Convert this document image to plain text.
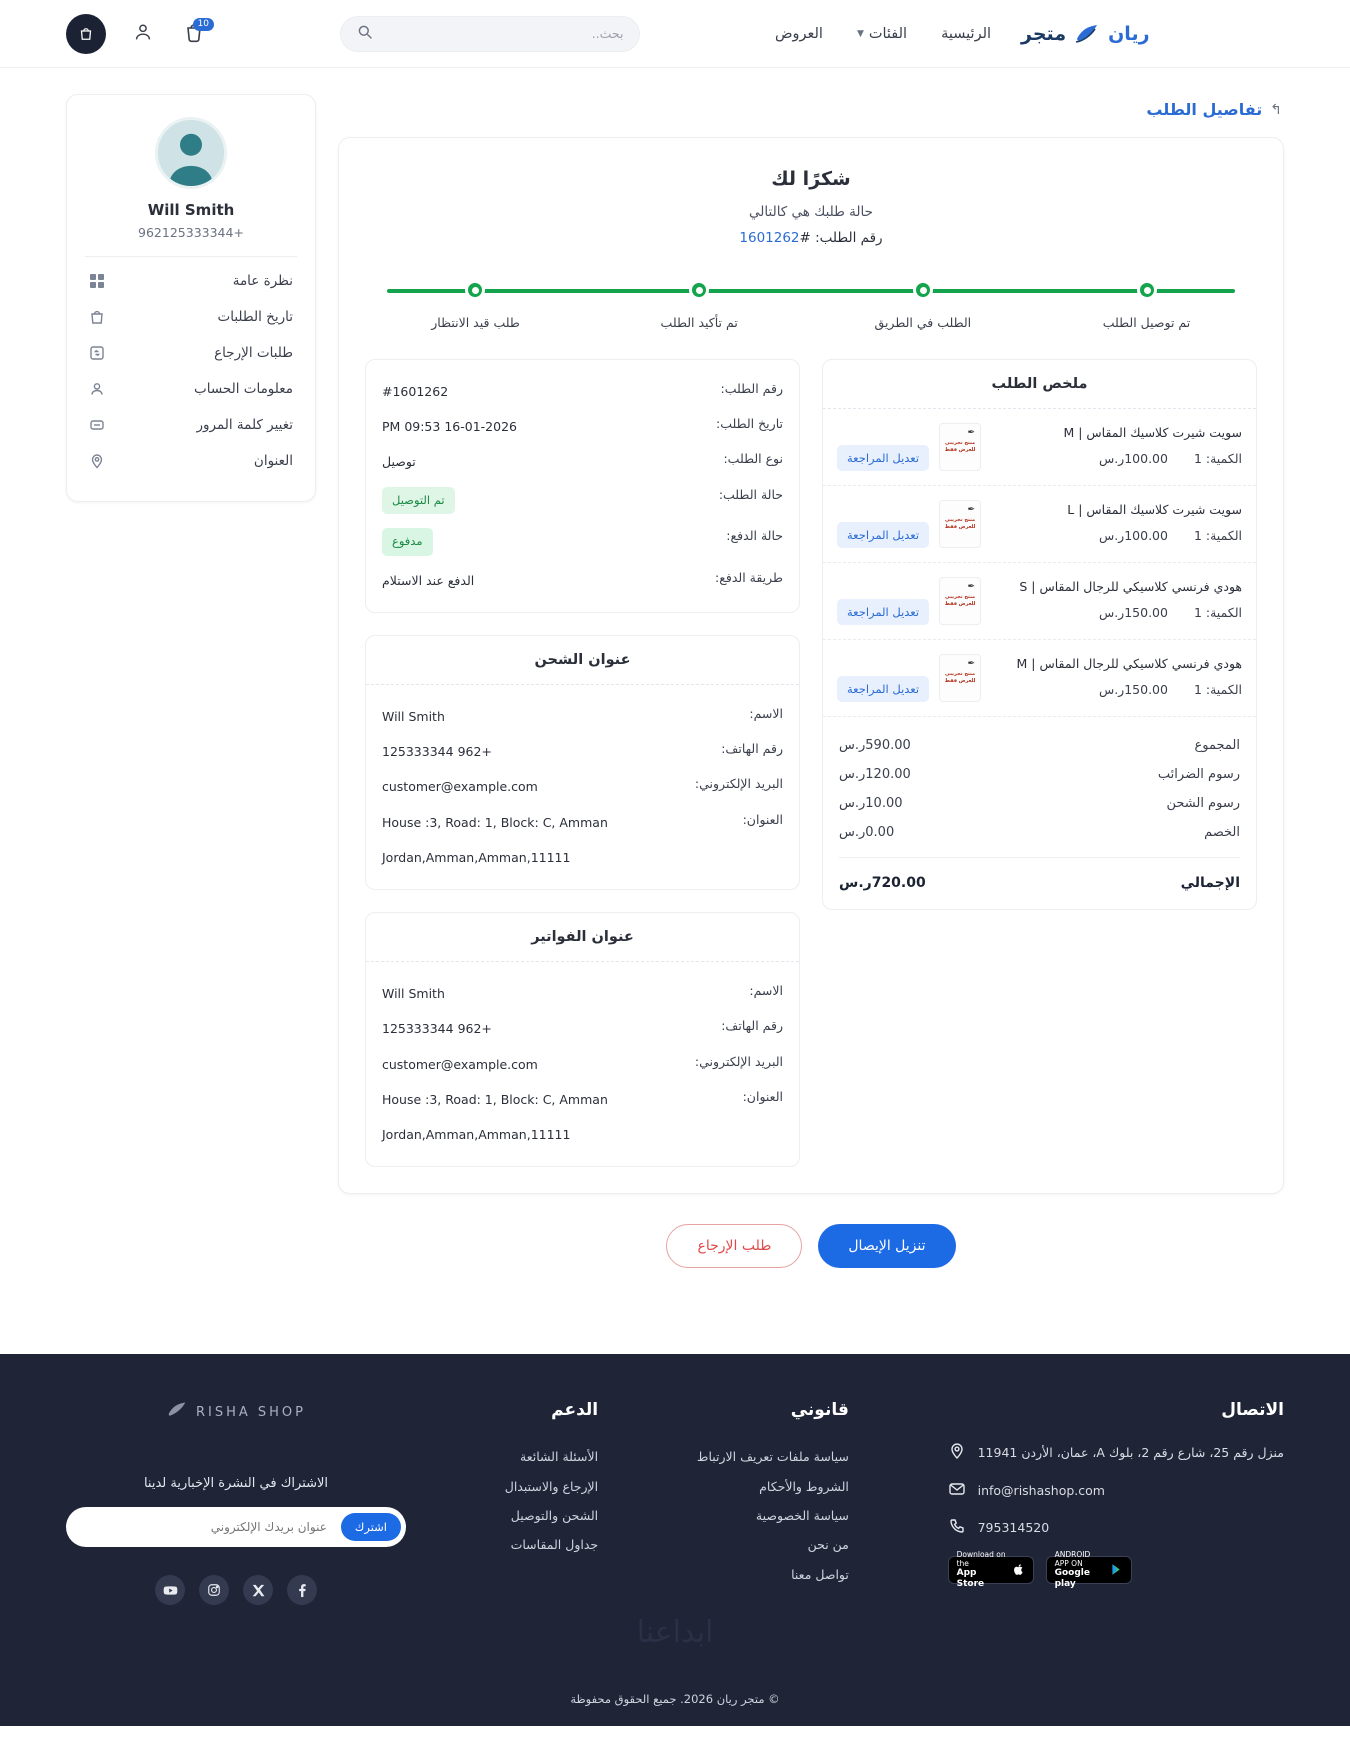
ريان
متجر
الرئيسية
الفئات
▼
العروض
بحث..
10
↰
تفاصيل الطلب
شكرًا لك
حالة طلبك هي كالتالي
رقم الطلب: #1601262
تم توصيل الطلب
الطلب في الطريق
تم تأكيد الطلب
طلب قيد الانتظار
ملخص الطلب
سويت شيرت كلاسيك المقاس | M
الكمية: 1
100.00ر.س
✒
منتج تجريبي للعرض فقط
تعديل المراجعة
سويت شيرت كلاسيك المقاس | L
الكمية: 1
100.00ر.س
✒
منتج تجريبي للعرض فقط
تعديل المراجعة
هودي فرنسي كلاسيكي للرجال المقاس | S
الكمية: 1
150.00ر.س
✒
منتج تجريبي للعرض فقط
تعديل المراجعة
هودي فرنسي كلاسيكي للرجال المقاس | M
الكمية: 1
150.00ر.س
✒
منتج تجريبي للعرض فقط
تعديل المراجعة
المجموع
590.00ر.س
رسوم الضرائب
120.00ر.س
رسوم الشحن
10.00ر.س
الخصم
0.00ر.س
الإجمالي
720.00ر.س
رقم الطلب:
#1601262
تاريخ الطلب:
16-01-2026 09:53 PM
نوع الطلب:
توصيل
حالة الطلب:
تم التوصيل
حالة الدفع:
مدفوع
طريقة الدفع:
الدفع عند الاستلام
عنوان الشحن
الاسم:
Will Smith
رقم الهاتف:
+962 125333344
البريد الإلكتروني:
customer@example.com
العنوان:
House :3, Road: 1, Block: C, Amman
11111,Jordan,Amman,Amman
عنوان الفواتير
الاسم:
Will Smith
رقم الهاتف:
+962 125333344
البريد الإلكتروني:
customer@example.com
العنوان:
House :3, Road: 1, Block: C, Amman
11111,Jordan,Amman,Amman
تنزيل الإيصال
طلب الإرجاع
Will Smith
+962125333344
نظرة عامة
تاريخ الطلبات
طلبات الإرجاع
معلومات الحساب
تغيير كلمة المرور
العنوان
الاتصال
منزل رقم 25، شارع رقم 2، بلوك A، عمان، الأردن 11941
info@rishashop.com
795314520
ANDROID APP ON
Google play
Download on the
App Store
قانوني
سياسة ملفات تعريف الارتباط
الشروط والأحكام
سياسة الخصوصية
من نحن
تواصل معنا
الدعم
الأسئلة الشائعة
الإرجاع والاستبدال
الشحن والتوصيل
جداول المقاسات
RISHA SHOP
الاشتراك في النشرة الإخبارية لدينا
عنوان بريدك الإلكتروني
اشترك
ابداعنا
© متجر ريان 2026. جميع الحقوق محفوظة
